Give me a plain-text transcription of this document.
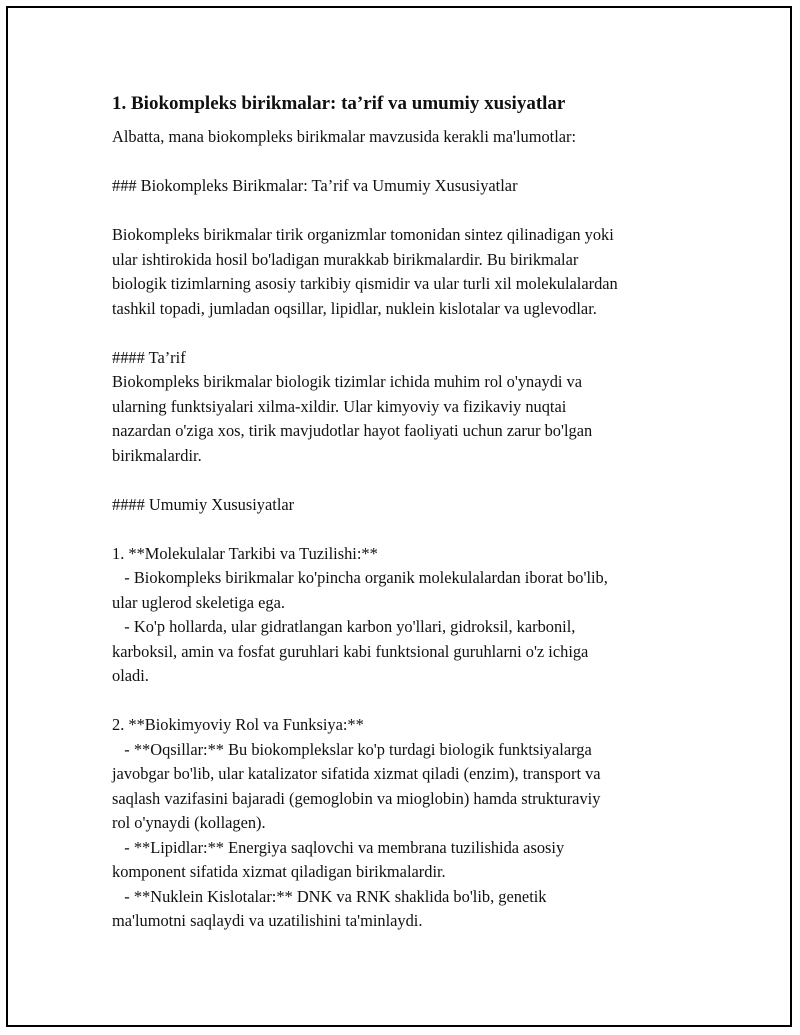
1. Biokompleks birikmalar: ta’rif va umumiy xusiyatlar

Albatta, mana biokompleks birikmalar mavzusida kerakli ma'lumotlar:

### Biokompleks Birikmalar: Ta’rif va Umumiy Xususiyatlar

Biokompleks birikmalar tirik organizmlar tomonidan sintez qilinadigan yoki
ular ishtirokida hosil bo'ladigan murakkab birikmalardir. Bu birikmalar
biologik tizimlarning asosiy tarkibiy qismidir va ular turli xil molekulalardan
tashkil topadi, jumladan oqsillar, lipidlar, nuklein kislotalar va uglevodlar.

#### Ta’rif
Biokompleks birikmalar biologik tizimlar ichida muhim rol o'ynaydi va
ularning funktsiyalari xilma-xildir. Ular kimyoviy va fizikaviy nuqtai
nazardan o'ziga xos, tirik mavjudotlar hayot faoliyati uchun zarur bo'lgan
birikmalardir.

#### Umumiy Xususiyatlar

1. **Molekulalar Tarkibi va Tuzilishi:**
- Biokompleks birikmalar ko'pincha organik molekulalardan iborat bo'lib,
ular uglerod skeletiga ega.
- Ko'p hollarda, ular gidratlangan karbon yo'llari, gidroksil, karbonil,
karboksil, amin va fosfat guruhlari kabi funktsional guruhlarni o'z ichiga
oladi.

2. **Biokimyoviy Rol va Funksiya:**
- **Oqsillar:** Bu biokomplekslar ko'p turdagi biologik funktsiyalarga
javobgar bo'lib, ular katalizator sifatida xizmat qiladi (enzim), transport va
saqlash vazifasini bajaradi (gemoglobin va mioglobin) hamda strukturaviy
rol o'ynaydi (kollagen).
- **Lipidlar:** Energiya saqlovchi va membrana tuzilishida asosiy
komponent sifatida xizmat qiladigan birikmalardir.
- **Nuklein Kislotalar:** DNK va RNK shaklida bo'lib, genetik
ma'lumotni saqlaydi va uzatilishini ta'minlaydi.
